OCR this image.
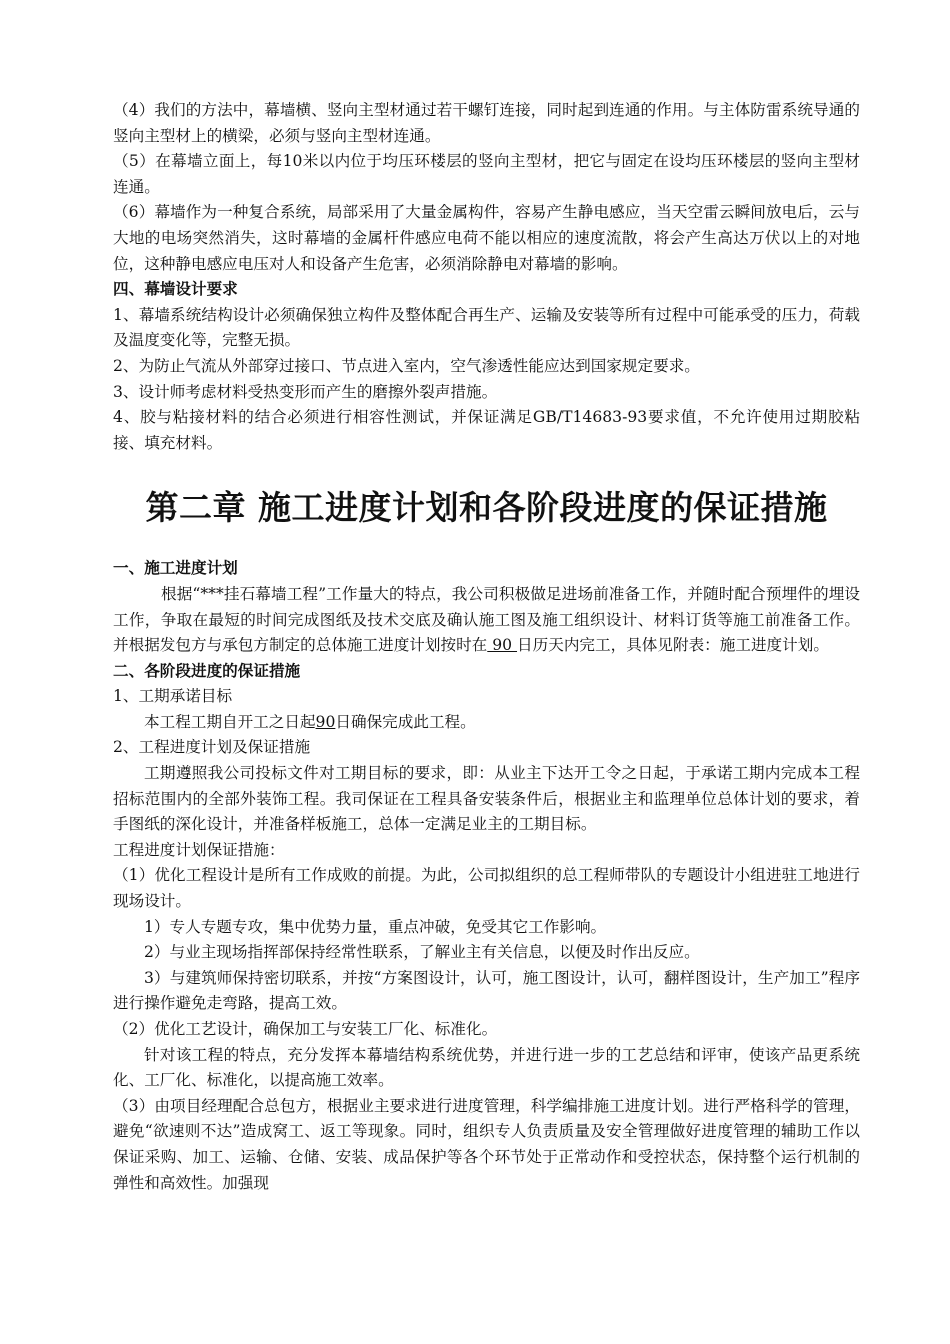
（4）我们的方法中，幕墙横、竖向主型材通过若干螺钉连接，同时起到连通的作用。与主体防雷系统导通的竖向主型材上的横梁，必须与竖向主型材连通。

（5）在幕墙立面上，每10米以内位于均压环楼层的竖向主型材，把它与固定在设均压环楼层的竖向主型材连通。

（6）幕墙作为一种复合系统，局部采用了大量金属构件，容易产生静电感应，当天空雷云瞬间放电后，云与大地的电场突然消失，这时幕墙的金属杆件感应电荷不能以相应的速度流散，将会产生高达万伏以上的对地位，这种静电感应电压对人和设备产生危害，必须消除静电对幕墙的影响。

四、幕墙设计要求

1、幕墙系统结构设计必须确保独立构件及整体配合再生产、运输及安装等所有过程中可能承受的压力，荷载及温度变化等，完整无损。

2、为防止气流从外部穿过接口、节点进入室内，空气渗透性能应达到国家规定要求。

3、设计师考虑材料受热变形而产生的磨擦外裂声措施。

4、胶与粘接材料的结合必须进行相容性测试，并保证满足GB/T14683-93要求值，不允许使用过期胶粘接、填充材料。

第二章 施工进度计划和各阶段进度的保证措施

一、施工进度计划

根据“***挂石幕墙工程”工作量大的特点，我公司积极做足进场前准备工作，并随时配合预埋件的埋设工作，争取在最短的时间完成图纸及技术交底及确认施工图及施工组织设计、材料订货等施工前准备工作。并根据发包方与承包方制定的总体施工进度计划按时在 90 日历天内完工，具体见附表：施工进度计划。

二、各阶段进度的保证措施

1、工期承诺目标

本工程工期自开工之日起90日确保完成此工程。

2、工程进度计划及保证措施

工期遵照我公司投标文件对工期目标的要求，即：从业主下达开工令之日起，于承诺工期内完成本工程招标范围内的全部外装饰工程。我司保证在工程具备安装条件后，根据业主和监理单位总体计划的要求，着手图纸的深化设计，并准备样板施工，总体一定满足业主的工期目标。

工程进度计划保证措施：

（1）优化工程设计是所有工作成败的前提。为此，公司拟组织的总工程师带队的专题设计小组进驻工地进行现场设计。

1）专人专题专攻，集中优势力量，重点冲破，免受其它工作影响。

2）与业主现场指挥部保持经常性联系，了解业主有关信息，以便及时作出反应。

3）与建筑师保持密切联系，并按“方案图设计，认可，施工图设计，认可，翻样图设计，生产加工”程序进行操作避免走弯路，提高工效。

（2）优化工艺设计，确保加工与安装工厂化、标准化。

针对该工程的特点，充分发挥本幕墙结构系统优势，并进行进一步的工艺总结和评审，使该产品更系统化、工厂化、标准化，以提高施工效率。

（3）由项目经理配合总包方，根据业主要求进行进度管理，科学编排施工进度计划。进行严格科学的管理，避免“欲速则不达”造成窝工、返工等现象。同时，组织专人负责质量及安全管理做好进度管理的辅助工作以保证采购、加工、运输、仓储、安装、成品保护等各个环节处于正常动作和受控状态，保持整个运行机制的弹性和高效性。加强现
